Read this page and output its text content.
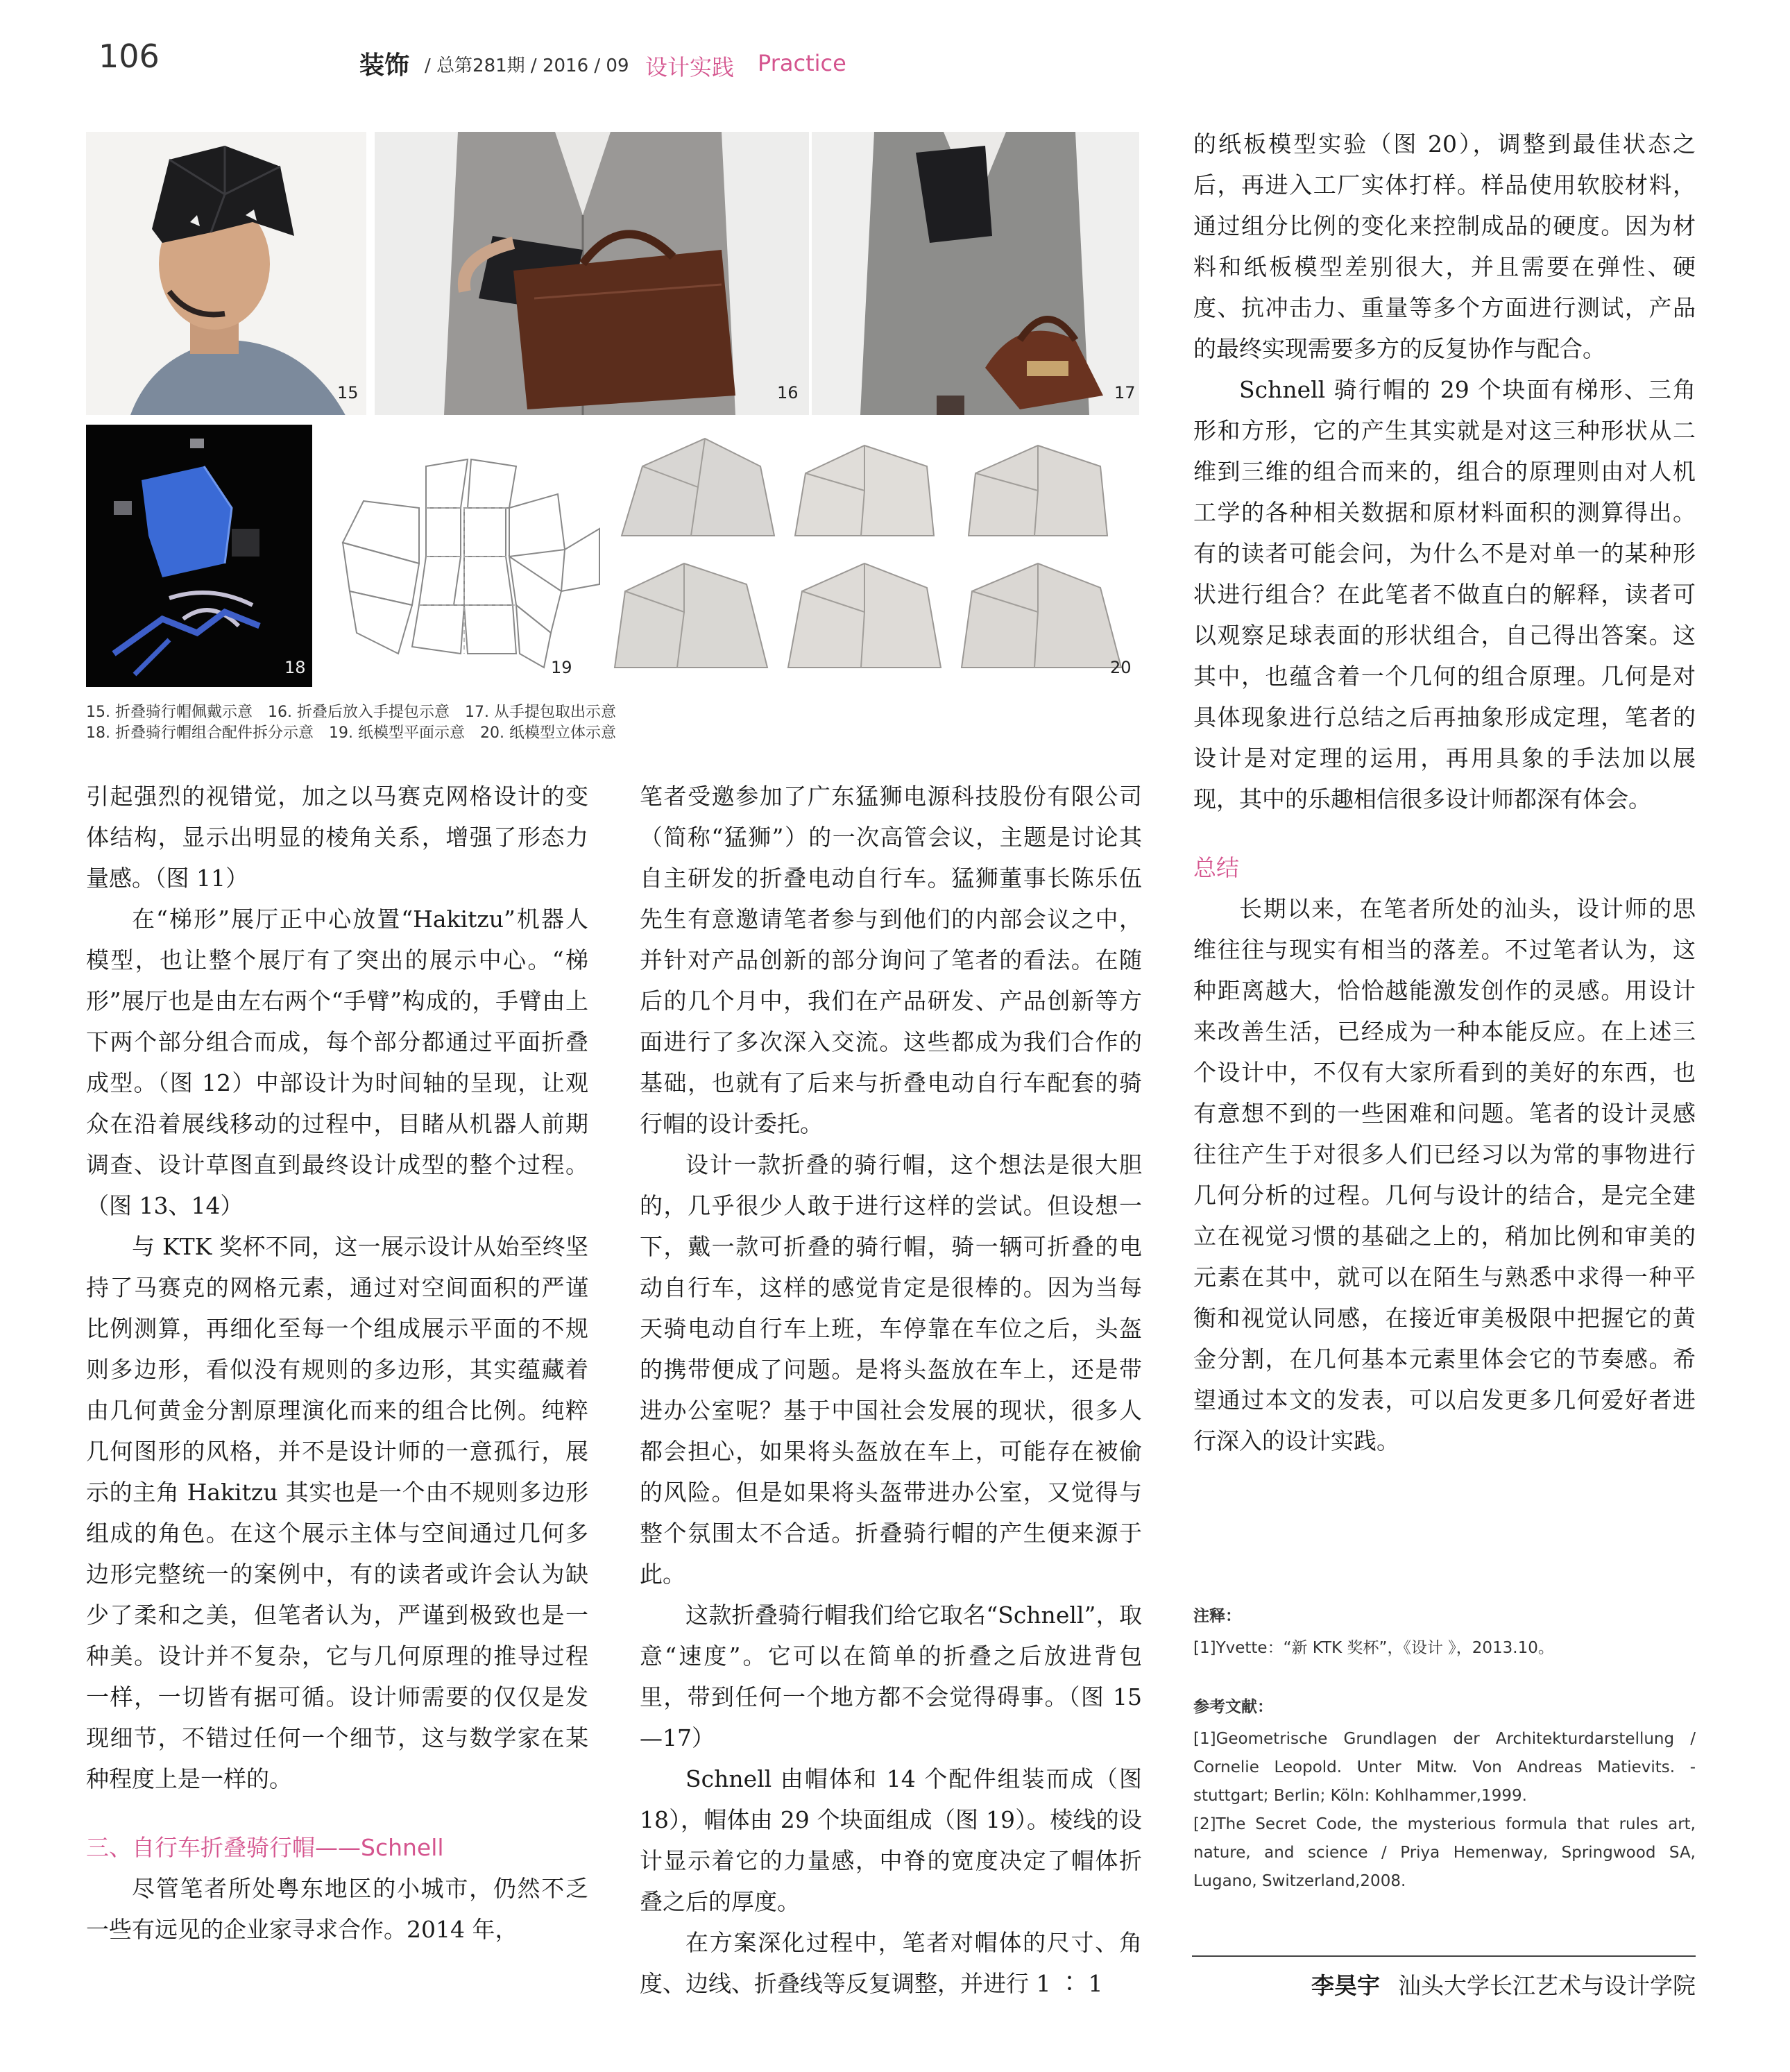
106	装饰 / 总第281期 / 2016 / 09 设计实践 Practice
15	16	17
18	19	20
15. 折叠骑行帽佩戴示意　16. 折叠后放入手提包示意　17. 从手提包取出示意
18. 折叠骑行帽组合配件拆分示意　19. 纸模型平面示意　20. 纸模型立体示意

引起强烈的视错觉，加之以马赛克网格设计的变体结构，显示出明显的棱角关系，增强了形态力量感。（图 11）

在“梯形”展厅正中心放置“Hakitzu”机器人模型，也让整个展厅有了突出的展示中心。“梯形”展厅也是由左右两个“手臂”构成的，手臂由上下两个部分组合而成，每个部分都通过平面折叠成型。（图 12）中部设计为时间轴的呈现，让观众在沿着展线移动的过程中，目睹从机器人前期调查、设计草图直到最终设计成型的整个过程。（图 13、14）

与 KTK 奖杯不同，这一展示设计从始至终坚持了马赛克的网格元素，通过对空间面积的严谨比例测算，再细化至每一个组成展示平面的不规则多边形，看似没有规则的多边形，其实蕴藏着由几何黄金分割原理演化而来的组合比例。纯粹几何图形的风格，并不是设计师的一意孤行，展示的主角 Hakitzu 其实也是一个由不规则多边形组成的角色。在这个展示主体与空间通过几何多边形完整统一的案例中，有的读者或许会认为缺少了柔和之美，但笔者认为，严谨到极致也是一种美。设计并不复杂，它与几何原理的推导过程一样，一切皆有据可循。设计师需要的仅仅是发现细节，不错过任何一个细节，这与数学家在某种程度上是一样的。

三、自行车折叠骑行帽——Schnell

尽管笔者所处粤东地区的小城市，仍然不乏一些有远见的企业家寻求合作。2014 年，

笔者受邀参加了广东猛狮电源科技股份有限公司（简称“猛狮”）的一次高管会议，主题是讨论其自主研发的折叠电动自行车。猛狮董事长陈乐伍先生有意邀请笔者参与到他们的内部会议之中，并针对产品创新的部分询问了笔者的看法。在随后的几个月中，我们在产品研发、产品创新等方面进行了多次深入交流。这些都成为我们合作的基础，也就有了后来与折叠电动自行车配套的骑行帽的设计委托。

设计一款折叠的骑行帽，这个想法是很大胆的，几乎很少人敢于进行这样的尝试。但设想一下，戴一款可折叠的骑行帽，骑一辆可折叠的电动自行车，这样的感觉肯定是很棒的。因为当每天骑电动自行车上班，车停靠在车位之后，头盔的携带便成了问题。是将头盔放在车上，还是带进办公室呢？基于中国社会发展的现状，很多人都会担心，如果将头盔放在车上，可能存在被偷的风险。但是如果将头盔带进办公室，又觉得与整个氛围太不合适。折叠骑行帽的产生便来源于此。

这款折叠骑行帽我们给它取名“Schnell”，取意“速度”。它可以在简单的折叠之后放进背包里，带到任何一个地方都不会觉得碍事。（图 15—17）

Schnell 由帽体和 14 个配件组装而成（图 18），帽体由 29 个块面组成（图 19）。棱线的设计显示着它的力量感，中脊的宽度决定了帽体折叠之后的厚度。

在方案深化过程中，笔者对帽体的尺寸、角度、边线、折叠线等反复调整，并进行 1 ∶ 1

的纸板模型实验（图 20），调整到最佳状态之后，再进入工厂实体打样。样品使用软胶材料，通过组分比例的变化来控制成品的硬度。因为材料和纸板模型差别很大，并且需要在弹性、硬度、抗冲击力、重量等多个方面进行测试，产品的最终实现需要多方的反复协作与配合。

Schnell 骑行帽的 29 个块面有梯形、三角形和方形，它的产生其实就是对这三种形状从二维到三维的组合而来的，组合的原理则由对人机工学的各种相关数据和原材料面积的测算得出。有的读者可能会问，为什么不是对单一的某种形状进行组合？在此笔者不做直白的解释，读者可以观察足球表面的形状组合，自己得出答案。这其中，也蕴含着一个几何的组合原理。几何是对具体现象进行总结之后再抽象形成定理，笔者的设计是对定理的运用，再用具象的手法加以展现，其中的乐趣相信很多设计师都深有体会。

总结

长期以来，在笔者所处的汕头，设计师的思维往往与现实有相当的落差。不过笔者认为，这种距离越大，恰恰越能激发创作的灵感。用设计来改善生活，已经成为一种本能反应。在上述三个设计中，不仅有大家所看到的美好的东西，也有意想不到的一些困难和问题。笔者的设计灵感往往产生于对很多人们已经习以为常的事物进行几何分析的过程。几何与设计的结合，是完全建立在视觉习惯的基础之上的，稍加比例和审美的元素在其中，就可以在陌生与熟悉中求得一种平衡和视觉认同感，在接近审美极限中把握它的黄金分割，在几何基本元素里体会它的节奏感。希望通过本文的发表，可以启发更多几何爱好者进行深入的设计实践。

注释：

[1]Yvette：“新 KTK 奖杯”，《设计 》，2013.10。

参考文献：

[1]Geometrische Grundlagen der Architekturdarstellung / Cornelie Leopold. Unter Mitw. Von Andreas Matievits. - stuttgart; Berlin; Köln: Kohlhammer,1999.

[2]The Secret Code, the mysterious formula that rules art, nature, and science / Priya Hemenway, Springwood SA, Lugano, Switzerland,2008.

李昊宇 汕头大学长江艺术与设计学院
